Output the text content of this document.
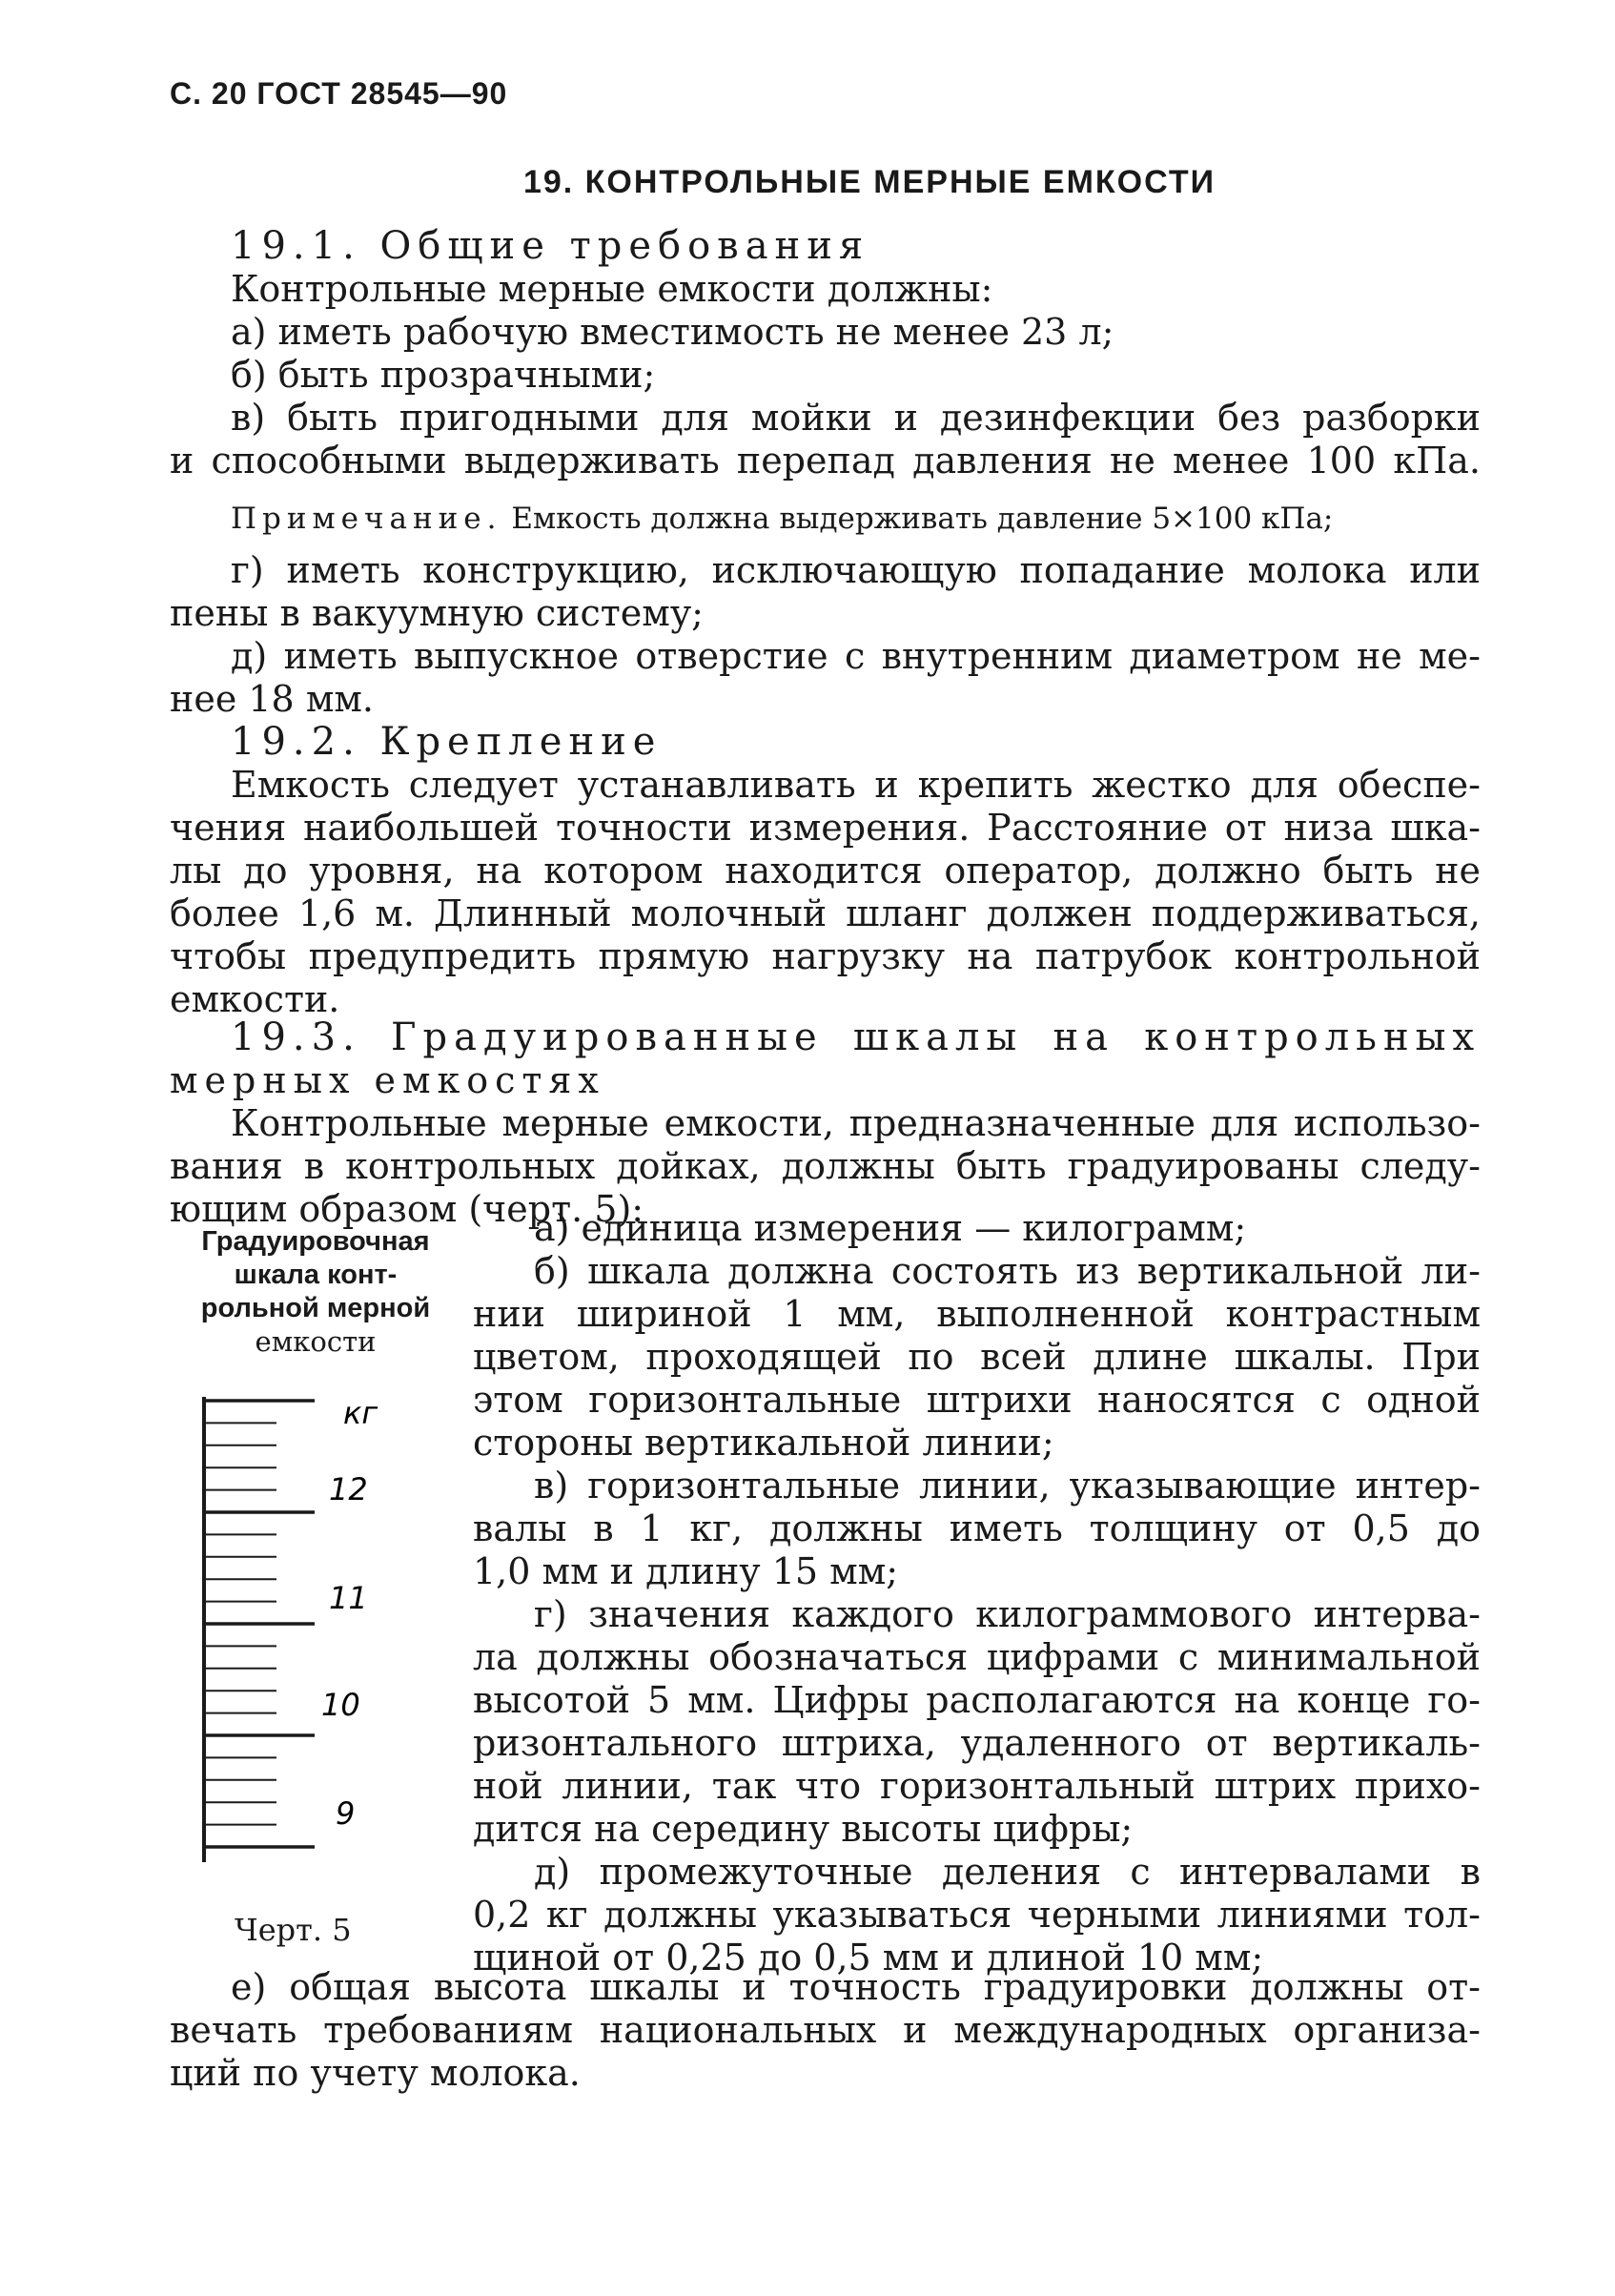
С. 20 ГОСТ 28545—90
19. КОНТРОЛЬНЫЕ МЕРНЫЕ ЕМКОСТИ
19.1. Общие требования
Контрольные мерные емкости должны:
а) иметь рабочую вместимость не менее 23 л;
б) быть прозрачными;
в) быть пригодными для мойки и дезинфекции без разборки
и способными выдерживать перепад давления не менее 100 кПа.
Примечание. Емкость должна выдерживать давление 5×100 кПа;
г) иметь конструкцию, исключающую попадание молока или
пены в вакуумную систему;
д) иметь выпускное отверстие с внутренним диаметром не ме-
нее 18 мм.
19.2. Крепление
Емкость следует устанавливать и крепить жестко для обеспе-
чения наибольшей точности измерения. Расстояние от низа шка-
лы до уровня, на котором находится оператор, должно быть не
более 1,6 м. Длинный молочный шланг должен поддерживаться,
чтобы предупредить прямую нагрузку на патрубок контрольной
емкости.
19.3. Градуированные шкалы на контрольных
мерных емкостях
Контрольные мерные емкости, предназначенные для использо-
вания в контрольных дойках, должны быть градуированы следу-
ющим образом (черт. 5):
Градуировочная
шкала конт-
рольной мерной
емкости
кг
12
11
10
9
Черт. 5
а) единица измерения — килограмм;
б) шкала должна состоять из вертикальной ли-
нии шириной 1 мм, выполненной контрастным
цветом, проходящей по всей длине шкалы. При
этом горизонтальные штрихи наносятся с одной
стороны вертикальной линии;
в) горизонтальные линии, указывающие интер-
валы в 1 кг, должны иметь толщину от 0,5 до
1,0 мм и длину 15 мм;
г) значения каждого килограммового интерва-
ла должны обозначаться цифрами с минимальной
высотой 5 мм. Цифры располагаются на конце го-
ризонтального штриха, удаленного от вертикаль-
ной линии, так что горизонтальный штрих прихо-
дится на середину высоты цифры;
д) промежуточные деления с интервалами в
0,2 кг должны указываться черными линиями тол-
щиной от 0,25 до 0,5 мм и длиной 10 мм;
е) общая высота шкалы и точность градуировки должны от-
вечать требованиям национальных и международных организа-
ций по учету молока.
